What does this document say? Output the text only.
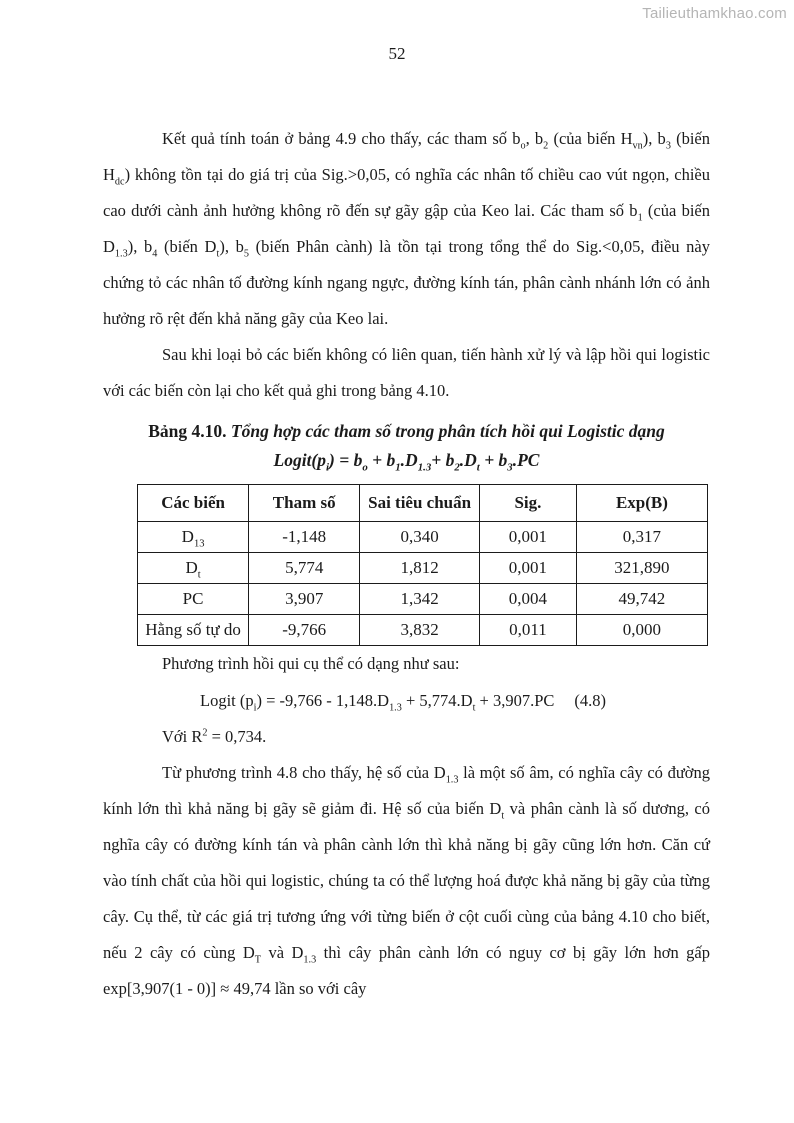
Tailieuthamkhao.com
52

Kết quả tính toán ở bảng 4.9 cho thấy, các tham số $b_o$, $b_2$ (của biến $H_{vn}$), $b_3$ (biến $H_{dc}$) không tồn tại do giá trị của Sig.>0,05, có nghĩa các nhân tố chiều cao vút ngọn, chiều cao dưới cành ảnh hưởng không rõ đến sự gãy gập của Keo lai. Các tham số $b_1$ (của biến $D_{1.3}$), $b_4$ (biến $D_t$), $b_5$ (biến Phân cành) là tồn tại trong tổng thể do Sig.<0,05, điều này chứng tỏ các nhân tố đường kính ngang ngực, đường kính tán, phân cành nhánh lớn có ảnh hưởng rõ rệt đến khả năng gãy của Keo lai.

Sau khi loại bỏ các biến không có liên quan, tiến hành xử lý và lập hồi qui logistic với các biến còn lại cho kết quả ghi trong bảng 4.10.

Bảng 4.10. Tổng hợp các tham số trong phân tích hồi qui Logistic dạng
$Logit(p_i) = b_o + b_1.D_{1.3}+ b_2.D_t + b_3.PC$
Các biến	Tham số	Sai tiêu chuẩn	Sig.	Exp(B)
$D_{13}$	-1,148	0,340	0,001	0,317
$D_t$	5,774	1,812	0,001	321,890
PC	3,907	1,342	0,004	49,742
Hằng số tự do	-9,766	3,832	0,011	0,000

Phương trình hồi qui cụ thể có dạng như sau:

Logit $(p_i) = -9,766 - 1,148.D_{1.3} + 5,774.D_t + 3,907.PC$ (4.8)

Với $R^2 = 0,734$.

Từ phương trình 4.8 cho thấy, hệ số của $D_{1.3}$ là một số âm, có nghĩa cây có đường kính lớn thì khả năng bị gãy sẽ giảm đi. Hệ số của biến $D_t$ và phân cành là số dương, có nghĩa cây có đường kính tán và phân cành lớn thì khả năng bị gãy cũng lớn hơn. Căn cứ vào tính chất của hồi qui logistic, chúng ta có thể lượng hoá được khả năng bị gãy của từng cây. Cụ thể, từ các giá trị tương ứng với từng biến ở cột cuối cùng của bảng 4.10 cho biết, nếu 2 cây có cùng $D_T$ và $D_{1.3}$ thì cây phân cành lớn có nguy cơ bị gãy lớn hơn gấp exp[3,907(1 - 0)] ≈ 49,74 lần so với cây
